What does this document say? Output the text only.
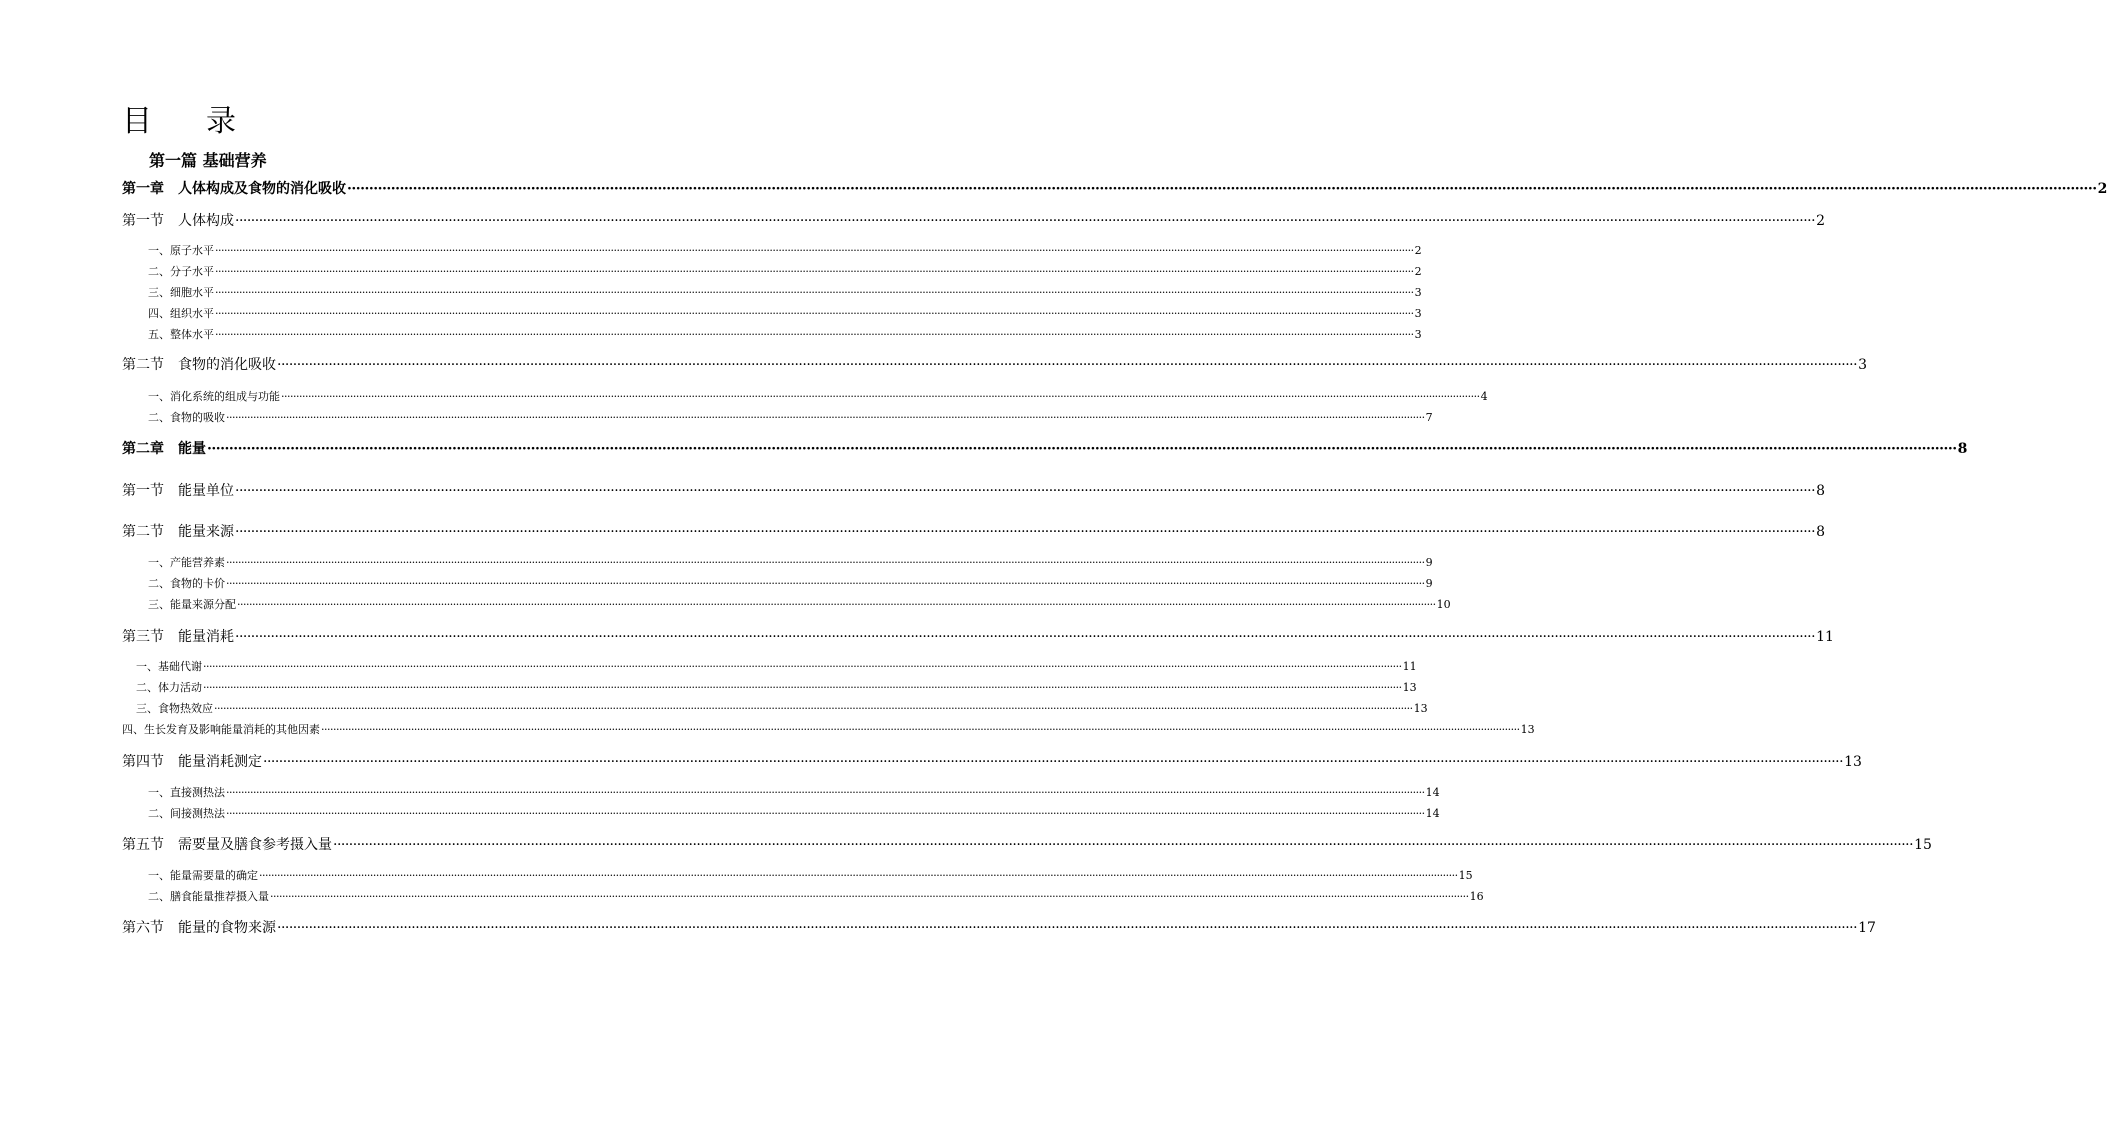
目 录
第一篇 基础营养
第一章 人体构成及食物的消化吸收 ················································································································································································································································································································································································································ 2
第一节 人体构成 ················································································································································································································································································································································································································ 2
一、原子水平 ················································································································································································································································································································································································································ 2
二、分子水平 ················································································································································································································································································································································································································ 2
三、细胞水平 ················································································································································································································································································································································································································ 3
四、组织水平 ················································································································································································································································································································································································································ 3
五、整体水平 ················································································································································································································································································································································································································ 3
第二节 食物的消化吸收 ················································································································································································································································································································································································································ 3
一、消化系统的组成与功能 ················································································································································································································································································································································································································ 4
二、食物的吸收 ················································································································································································································································································································································································································ 7
第二章 能量 ················································································································································································································································································································································································································ 8
第一节 能量单位 ················································································································································································································································································································································································································ 8
第二节 能量来源 ················································································································································································································································································································································································································ 8
一、产能营养素 ················································································································································································································································································································································································································ 9
二、食物的卡价 ················································································································································································································································································································································································································ 9
三、能量来源分配 ················································································································································································································································································································································································································ 10
第三节 能量消耗 ················································································································································································································································································································································································································ 11
一、基础代谢 ················································································································································································································································································································································································································ 11
二、体力活动 ················································································································································································································································································································································································································ 13
三、食物热效应 ················································································································································································································································································································································································································ 13
四、生长发育及影响能量消耗的其他因素 ················································································································································································································································································································································································································ 13
第四节 能量消耗测定 ················································································································································································································································································································································································································ 13
一、直接测热法 ················································································································································································································································································································································································································ 14
二、间接测热法 ················································································································································································································································································································································································································ 14
第五节 需要量及膳食参考摄入量 ················································································································································································································································································································································································································ 15
一、能量需要量的确定 ················································································································································································································································································································································································································ 15
二、膳食能量推荐摄入量 ················································································································································································································································································································································································································ 16
第六节 能量的食物来源 ················································································································································································································································································································································································································ 17
